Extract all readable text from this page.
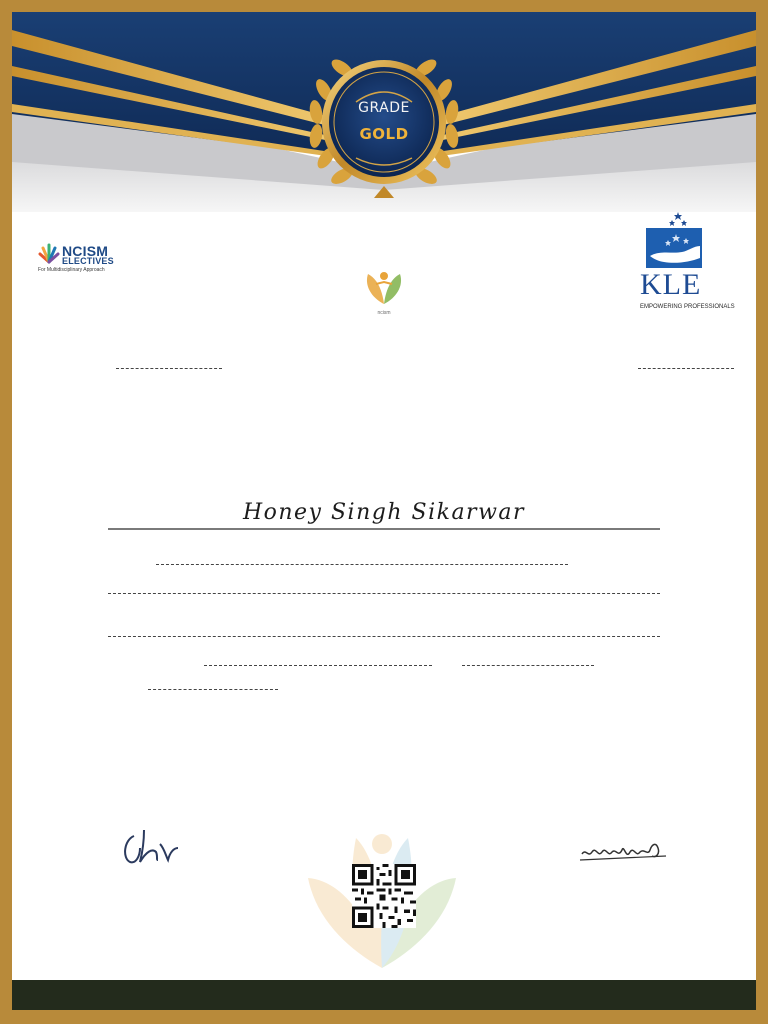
GRADE
GOLD
NCISM
ELECTIVES
For Multidisciplinary Approach
ncism
KLE
EMPOWERING PROFESSIONALS
Honey Singh Sikarwar
